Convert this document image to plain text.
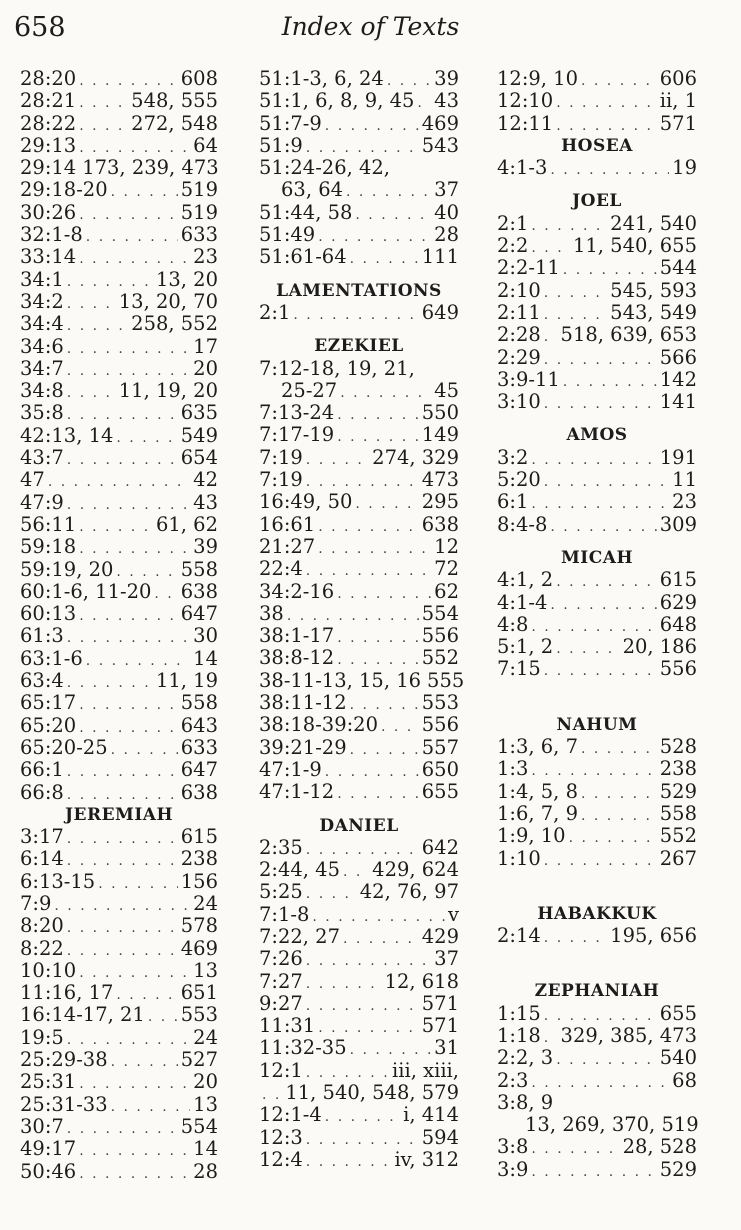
658	Index of Texts
28:20 . . .	608
28:21 . . .	548, 555
28:22 . . .	272, 548
29:13 . . .	64
29:14 173, 239, 473
29:18-20 . . .	519
30:26 . . .	519
32:1-8 . . .	633
33:14 . . .	23
34:1 . . .	13, 20
34:2 . . .	13, 20, 70
34:4 . . .	258, 552
34:6 . . .	17
34:7 . . .	20
34:8 . . .	11, 19, 20
35:8 . . .	635
42:13, 14 . . .	549
43:7 . . .	654
47 . . .	42
47:9 . . .	43
56:11 . . .	61, 62
59:18 . . .	39
59:19, 20 . . .	558
60:1-6, 11-20 . . . 638
60:13 . . .	647
61:3 . . .	30
63:1-6 . . .	14
63:4 . . .	11, 19
65:17 . . .	558
65:20 . . .	643
65:20-25 . . .	633
66:1 . . .	647
66:8 . . .	638
JEREMIAH
3:17 . . .	615
6:14 . . .	238
6:13-15 . . .	156
7:9 . . .	24
8:20 . . .	578
8:22 . . .	469
10:10 . . .	13
11:16, 17 . . .	651
16:14-17, 21 . . . 553
19:5 . . .	24
25:29-38 . . .	527
25:31 . . .	20
25:31-33 . . .	13
30:7 . . .	554
49:17 . . .	14
50:46 . . .	28
51:1-3, 6, 24 . . .	39
51:1, 6, 8, 9, 45 . . . 43
51:7-9 . . .	469
51:9 . . .	543
51:24-26, 42,
63, 64 . . .	37
51:44, 58 . . .	40
51:49 . . .	28
51:61-64 . . .	111
LAMENTATIONS
2:1 . . .	649
EZEKIEL
7:12-18, 19, 21,
25-27 . . .	45
7:13-24 . . .	550
7:17-19 . . .	149
7:19 . . .	274, 329
7:19 . . .	473
16:49, 50 . . .	295
16:61 . . .	638
21:27 . . .	12
22:4 . . .	72
34:2-16 . . .	62
38 . . .	554
38:1-17 . . .	556
38:8-12 . . .	552
38-11-13, 15, 16 555
38:11-12 . . .	553
38:18-39:20 . . . 556
39:21-29 . . .	557
47:1-9 . . .	650
47:1-12 . . .	655
DANIEL
2:35 . . .	642
2:44, 45 . . . 429, 624
5:25 . . .	42, 76, 97
7:1-8 . . .	v
7:22, 27 . . .	429
7:26 . . .	37
7:27 . . .	12, 618
9:27 . . .	571
11:31 . . .	571
11:32-35 . . .	31
12:1 . . .	iii, xiii,
. . .
11, 540, 548, 579
12:1-4 . . .	i, 414
12:3 . . .	594
12:4 . . .	iv, 312
12:9, 10 . . .	606
12:10 . . .	ii, 1
12:11 . . .	571
HOSEA
4:1-3 . . .	19
JOEL
2:1 . . .	241, 540
2:2 . . . 11, 540, 655
2:2-11 . . .	544
2:10 . . .	545, 593
2:11 . . .	543, 549
2:28 . . . 518, 639, 653
2:29 . . .	566
3:9-11 . . .	142
3:10 . . .	141
AMOS
3:2 . . .	191
5:20 . . .	11
6:1 . . .	23
8:4-8 . . .	309
MICAH
4:1, 2 . . .	615
4:1-4 . . .	629
4:8 . . .	648
5:1, 2 . . .	20, 186
7:15 . . .	556
NAHUM
1:3, 6, 7 . . .	528
1:3 . . .	238
1:4, 5, 8 . . .	529
1:6, 7, 9 . . .	558
1:9, 10 . . .	552
1:10 . . .	267
HABAKKUK
2:14 . . .	195, 656
ZEPHANIAH
1:15 . . .	655
1:18 . . . 329, 385, 473
2:2, 3 . . .	540
2:3 . . .	68
3:8, 9
13, 269, 370, 519
3:8 . . .	28, 528
3:9 . . .	529
